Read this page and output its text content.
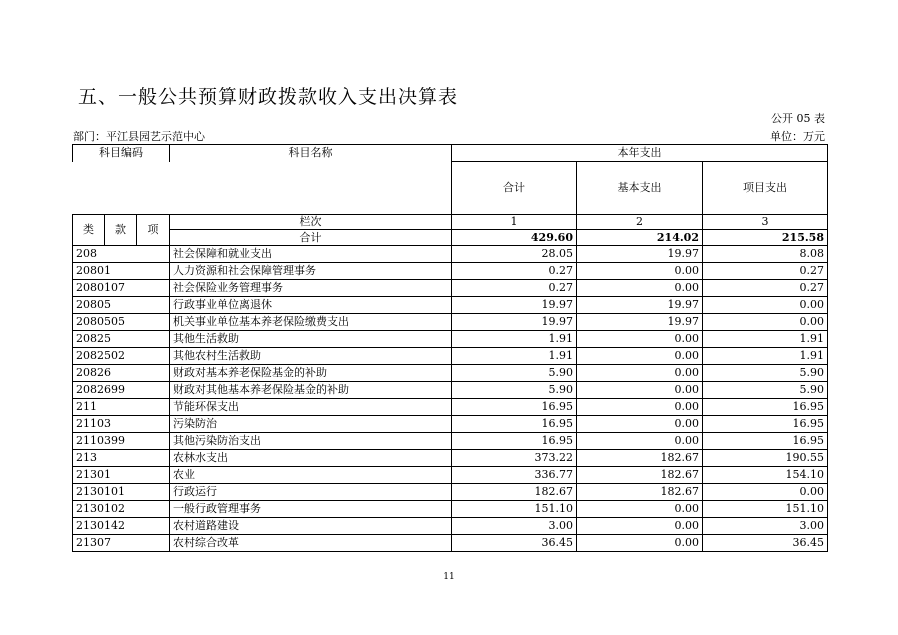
五、一般公共预算财政拨款收入支出决算表
公开 05 表
部门：平江县园艺示范中心	单位：万元
科目编码			科目名称	本年支出		
				合计	基本支出	项目支出

类	款	项	栏次	1	2	3
			合计	429.60	214.02	215.58
208			社会保障和就业支出	28.05	19.97	8.08
20801			人力资源和社会保障管理事务	0.27	0.00	0.27
2080107			社会保险业务管理事务	0.27	0.00	0.27
20805			行政事业单位离退休	19.97	19.97	0.00
2080505			机关事业单位基本养老保险缴费支出	19.97	19.97	0.00
20825			其他生活救助	1.91	0.00	1.91
2082502			其他农村生活救助	1.91	0.00	1.91
20826			财政对基本养老保险基金的补助	5.90	0.00	5.90
2082699			财政对其他基本养老保险基金的补助	5.90	0.00	5.90
211			节能环保支出	16.95	0.00	16.95
21103			污染防治	16.95	0.00	16.95
2110399			其他污染防治支出	16.95	0.00	16.95
213			农林水支出	373.22	182.67	190.55
21301			农业	336.77	182.67	154.10
2130101			行政运行	182.67	182.67	0.00
2130102			一般行政管理事务	151.10	0.00	151.10
2130142			农村道路建设	3.00	0.00	3.00
21307			农村综合改革	36.45	0.00	36.45
11
